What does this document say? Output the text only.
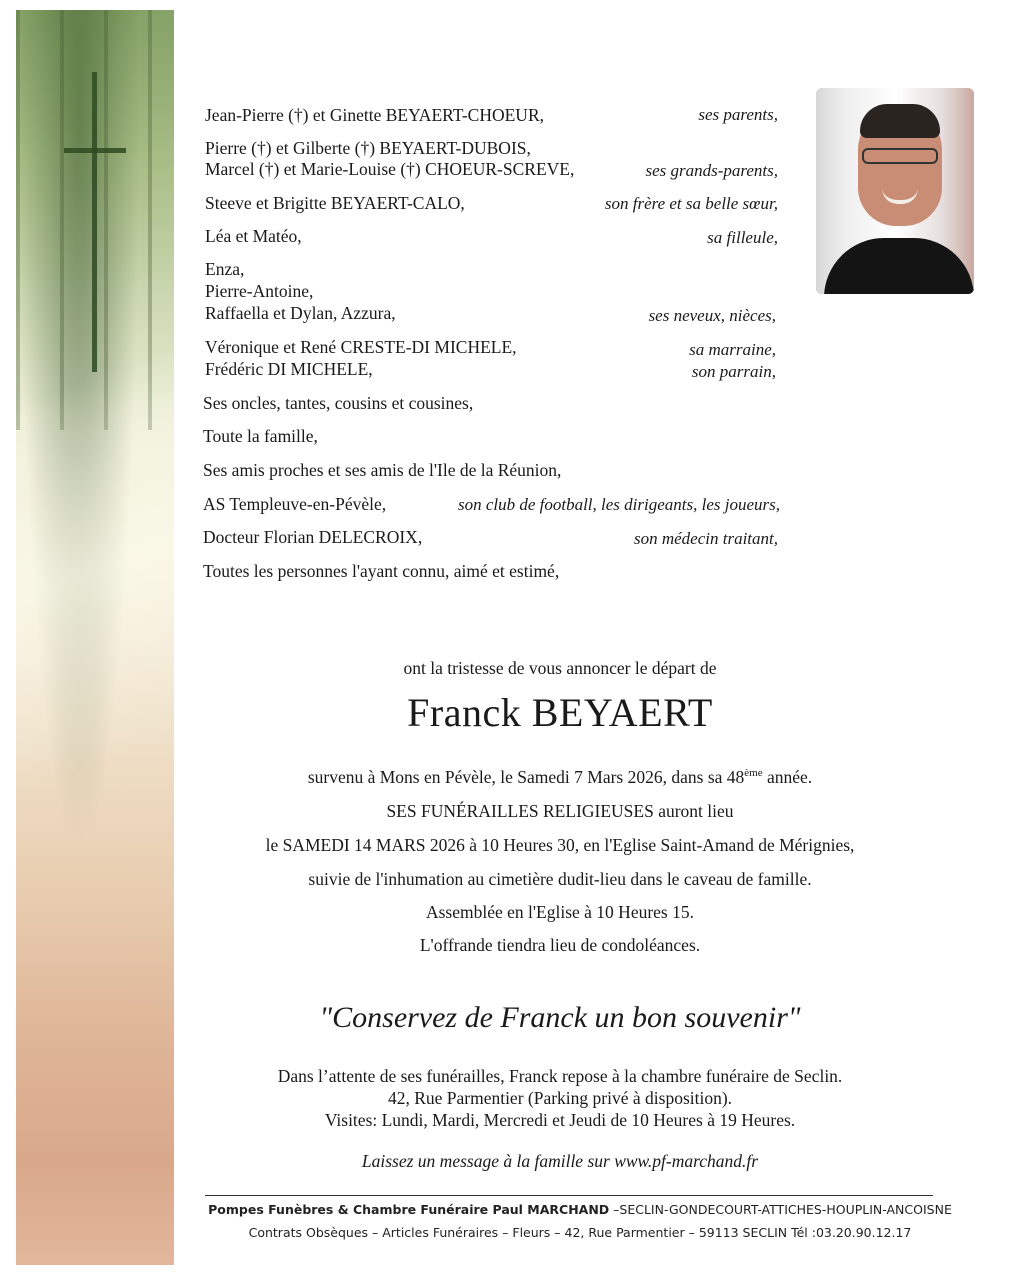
Jean-Pierre (†) et Ginette BEYAERT-CHOEUR,	ses parents,
Pierre (†) et Gilberte (†) BEYAERT-DUBOIS,
Marcel (†) et Marie-Louise (†) CHOEUR-SCREVE,	ses grands-parents,
Steeve et Brigitte BEYAERT-CALO,	son frère et sa belle sœur,
Léa et Matéo,	sa filleule,
Enza,
Pierre-Antoine,
Raffaella et Dylan, Azzura,	ses neveux, nièces,
Véronique et René CRESTE-DI MICHELE,	sa marraine,
Frédéric DI MICHELE,	son parrain,
Ses oncles, tantes, cousins et cousines,
Toute la famille,
Ses amis proches et ses amis de l'Ile de la Réunion,
AS Templeuve-en-Pévèle,	son club de football, les dirigeants, les joueurs,
Docteur Florian DELECROIX,	son médecin traitant,
Toutes les personnes l'ayant connu, aimé et estimé,
ont la tristesse de vous annoncer le départ de
Franck BEYAERT
survenu à Mons en Pévèle, le Samedi 7 Mars 2026, dans sa 48ème année.
SES FUNÉRAILLES RELIGIEUSES auront lieu
le SAMEDI 14 MARS 2026 à 10 Heures 30, en l'Eglise Saint-Amand de Mérignies,
suivie de l'inhumation au cimetière dudit-lieu dans le caveau de famille.
Assemblée en l'Eglise à 10 Heures 15.
L'offrande tiendra lieu de condoléances.
"Conservez de Franck un bon souvenir"
Dans l’attente de ses funérailles, Franck repose à la chambre funéraire de Seclin.
42, Rue Parmentier (Parking privé à disposition).
Visites: Lundi, Mardi, Mercredi et Jeudi de 10 Heures à 19 Heures.
Laissez un message à la famille sur www.pf-marchand.fr
Pompes Funèbres & Chambre Funéraire Paul MARCHAND –SECLIN-GONDECOURT-ATTICHES-HOUPLIN-ANCOISNE
Contrats Obsèques – Articles Funéraires – Fleurs – 42, Rue Parmentier – 59113 SECLIN Tél :03.20.90.12.17
